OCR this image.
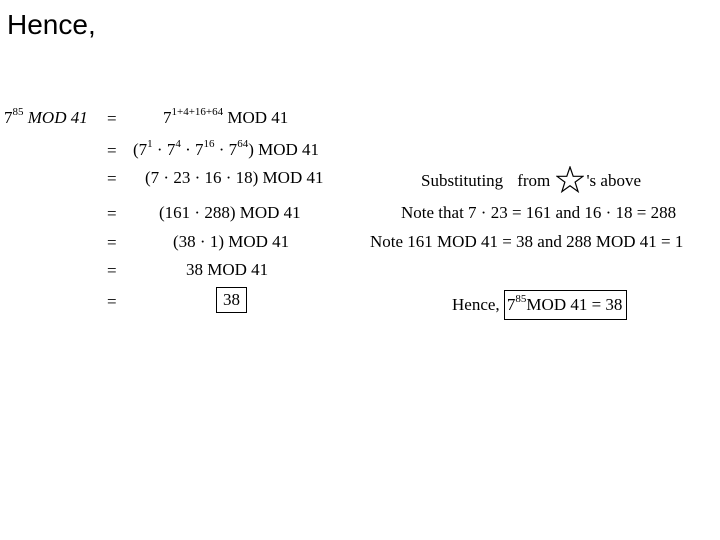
Hence,
$7^{85}$ MOD 41 =	$7^{1+4+16+64}$ MOD 41
= $(7^1 \cdot 7^4 \cdot 7^{16} \cdot 7^{64})$ MOD 41
= (7 · 23 · 16 · 18) MOD 41	Substituting from 's above
= (161 · 288) MOD 41	Note that 7 · 23 = 161 and 16 · 18 = 288
=	(38 · 1) MOD 41	Note 161 MOD 41 = 38 and 288 MOD 41 = 1
=	38 MOD 41
=	38	Hence, $7^{85}MOD$ 41 = 38
